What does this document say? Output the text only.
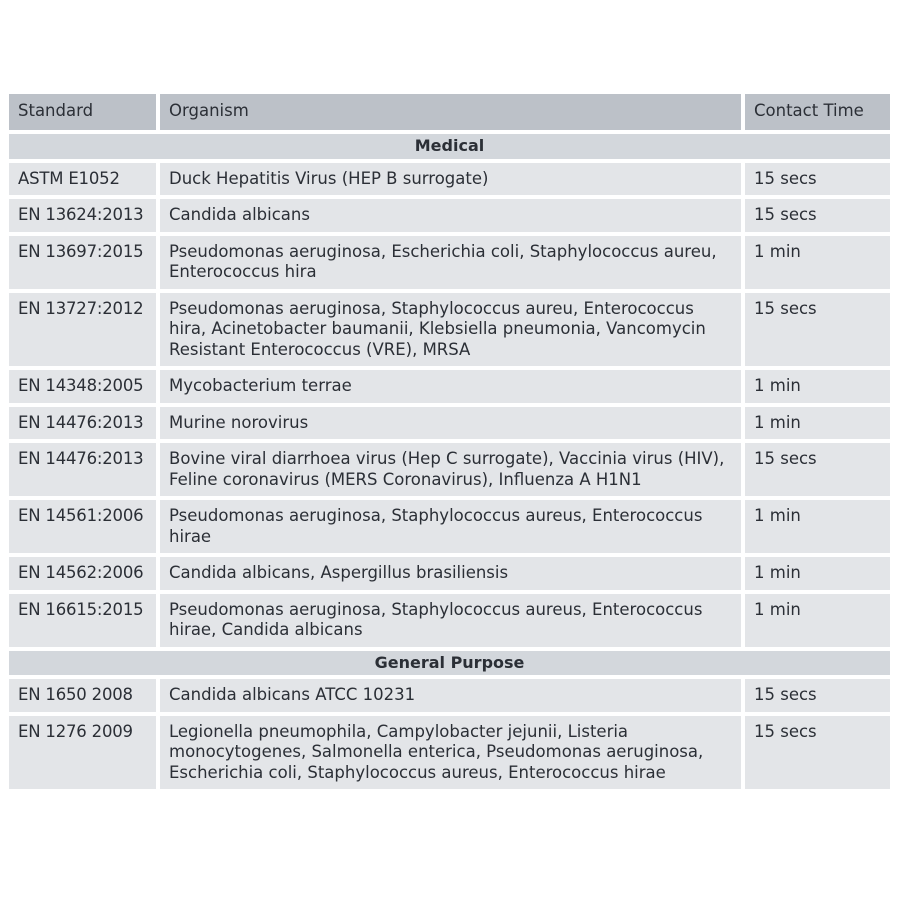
Standard	Organism	Contact Time
Medical		
ASTM E1052	Duck Hepatitis Virus (HEP B surrogate)	15 secs
EN 13624:2013	Candida albicans	15 secs
EN 13697:2015	Pseudomonas aeruginosa, Escherichia coli, Staphylococcus aureu, Enterococcus hira	1 min
EN 13727:2012	Pseudomonas aeruginosa, Staphylococcus aureu, Enterococcus hira, Acinetobacter baumanii, Klebsiella pneumonia, Vancomycin Resistant Enterococcus (VRE), MRSA	15 secs
EN 14348:2005	Mycobacterium terrae	1 min
EN 14476:2013	Murine norovirus	1 min
EN 14476:2013	Bovine viral diarrhoea virus (Hep C surrogate), Vaccinia virus (HIV), Feline coronavirus (MERS Coronavirus), Influenza A H1N1	15 secs
EN 14561:2006	Pseudomonas aeruginosa, Staphylococcus aureus, Enterococcus hirae	1 min
EN 14562:2006	Candida albicans, Aspergillus brasiliensis	1 min
EN 16615:2015	Pseudomonas aeruginosa, Staphylococcus aureus, Enterococcus hirae, Candida albicans	1 min
General Purpose		
EN 1650 2008	Candida albicans ATCC 10231	15 secs
EN 1276 2009	Legionella pneumophila, Campylobacter jejunii, Listeria monocytogenes, Salmonella enterica, Pseudomonas aeruginosa, Escherichia coli, Staphylococcus aureus, Enterococcus hirae	15 secs
